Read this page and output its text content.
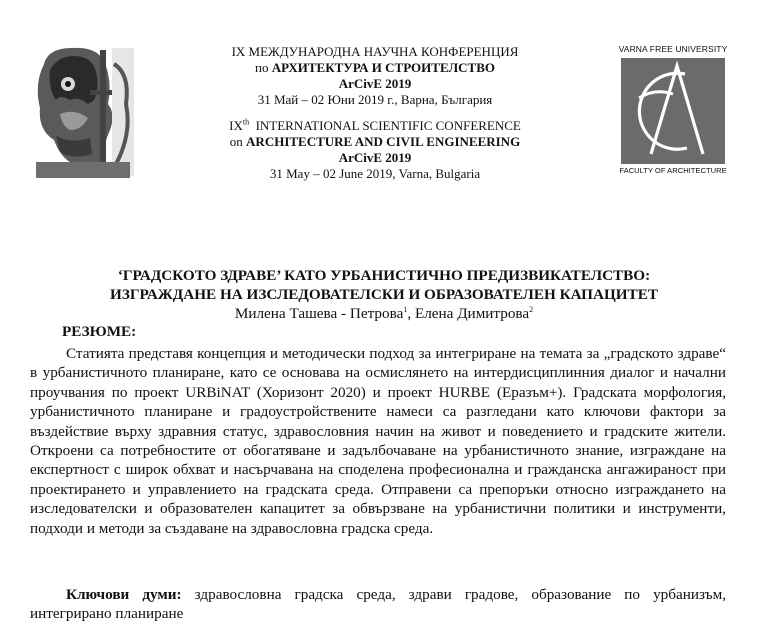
IX МЕЖДУНАРОДНА НАУЧНА КОНФЕРЕНЦИЯ
по АРХИТЕКТУРА И СТРОИТЕЛСТВО
ArCivE 2019
31 Май – 02 Юни 2019 г., Варна, България
IXth  INTERNATIONAL SCIENTIFIC CONFERENCE
on ARCHITECTURE AND CIVIL ENGINEERING
ArCivE 2019
31 May – 02 June 2019, Varna, Bulgaria
VARNA FREE UNIVERSITY
FACULTY OF ARCHITECTURE
‘ГРАДСКОТО ЗДРАВЕ’ КАТО УРБАНИСТИЧНО ПРЕДИЗВИКАТЕЛСТВО:
ИЗГРАЖДАНЕ НА ИЗСЛЕДОВАТЕЛСКИ И ОБРАЗОВАТЕЛЕН КАПАЦИТЕТ
Милена Ташева - Петрова$^1$, Елена Димитрова$^2$
РЕЗЮМЕ:

Статията представя концепция и методически подход за интегриране на темата за „градското здраве“ в урбанистичното планиране, като се основава на осмислянето на интердисциплинния диалог и начални проучвания по проект URBiNAT (Хоризонт 2020) и проект HURBE (Еразъм+). Градската морфология, урбанистичното планиране и градоустройствените намеси са разгледани като ключови фактори за въздействие върху здравния статус, здравословния начин на живот и поведението и градските жители. Откроени са потребностите от обогатяване и задълбочаване на урбанистичното знание, изграждане на експертност с широк обхват и насърчавана на споделена професионална и гражданска ангажираност при проектирането и управлението на градската среда. Отправени са препоръки относно изграждането на изследователски и образователен капацитет за обвързване на урбанистични политики и инструменти, подходи и методи за създаване на здравословна градска среда.

Ключови думи: здравословна градска среда, здрави градове, образование по урбанизъм, интегрирано планиране
